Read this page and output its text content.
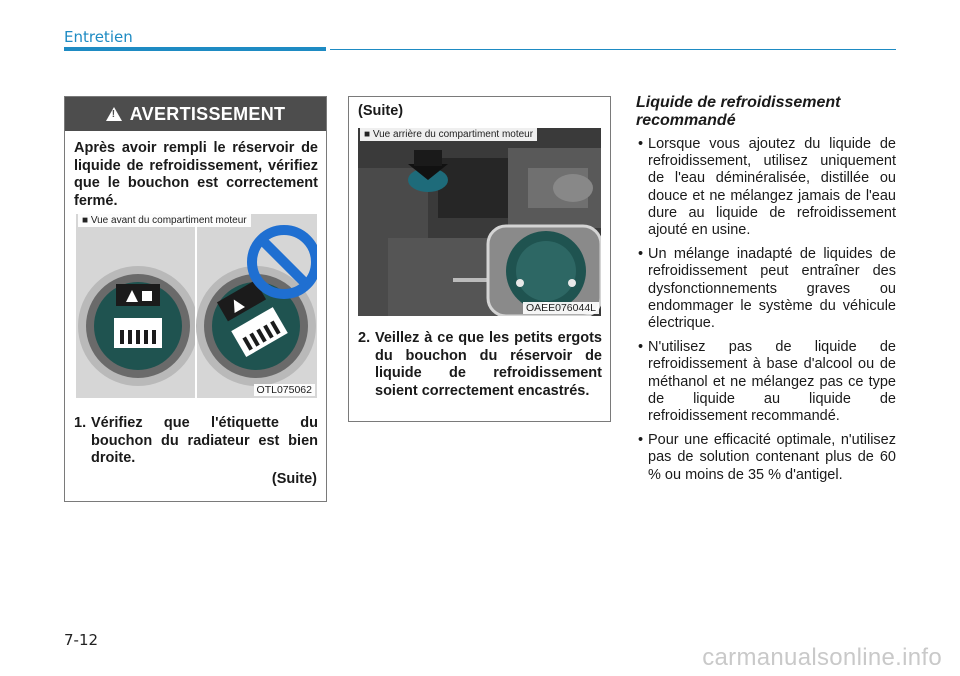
Entretien
!
AVERTISSEMENT

Après avoir rempli le réservoir de liquide de refroidissement, vérifiez que le bouchon est correctement fermé.

■ Vue avant du compartiment moteur
OTL075062
1. Vérifiez que l'étiquette du bouchon du radiateur est bien droite.
(Suite)
(Suite)
■ Vue arrière du compartiment moteur
OAEE076044L
2. Veillez à ce que les petits ergots du bouchon du réservoir de liquide de refroidissement soient correctement encastrés.

Liquide de refroidissement recommandé

• Lorsque vous ajoutez du liquide de refroidissement, utilisez uniquement de l'eau déminéralisée, distillée ou douce et ne mélangez jamais de l'eau dure au liquide de refroidissement ajouté en usine.
• Un mélange inadapté de liquides de refroidissement peut entraîner des dysfonctionnements graves ou endommager le système du véhicule électrique.
• N'utilisez pas de liquide de refroidissement à base d'alcool ou de méthanol et ne mélangez pas ce type de liquide au liquide de refroidissement recommandé.
• Pour une efficacité optimale, n'utilisez pas de solution contenant plus de 60 % ou moins de 35 % d'antigel.
7-12
carmanualsonline.info
